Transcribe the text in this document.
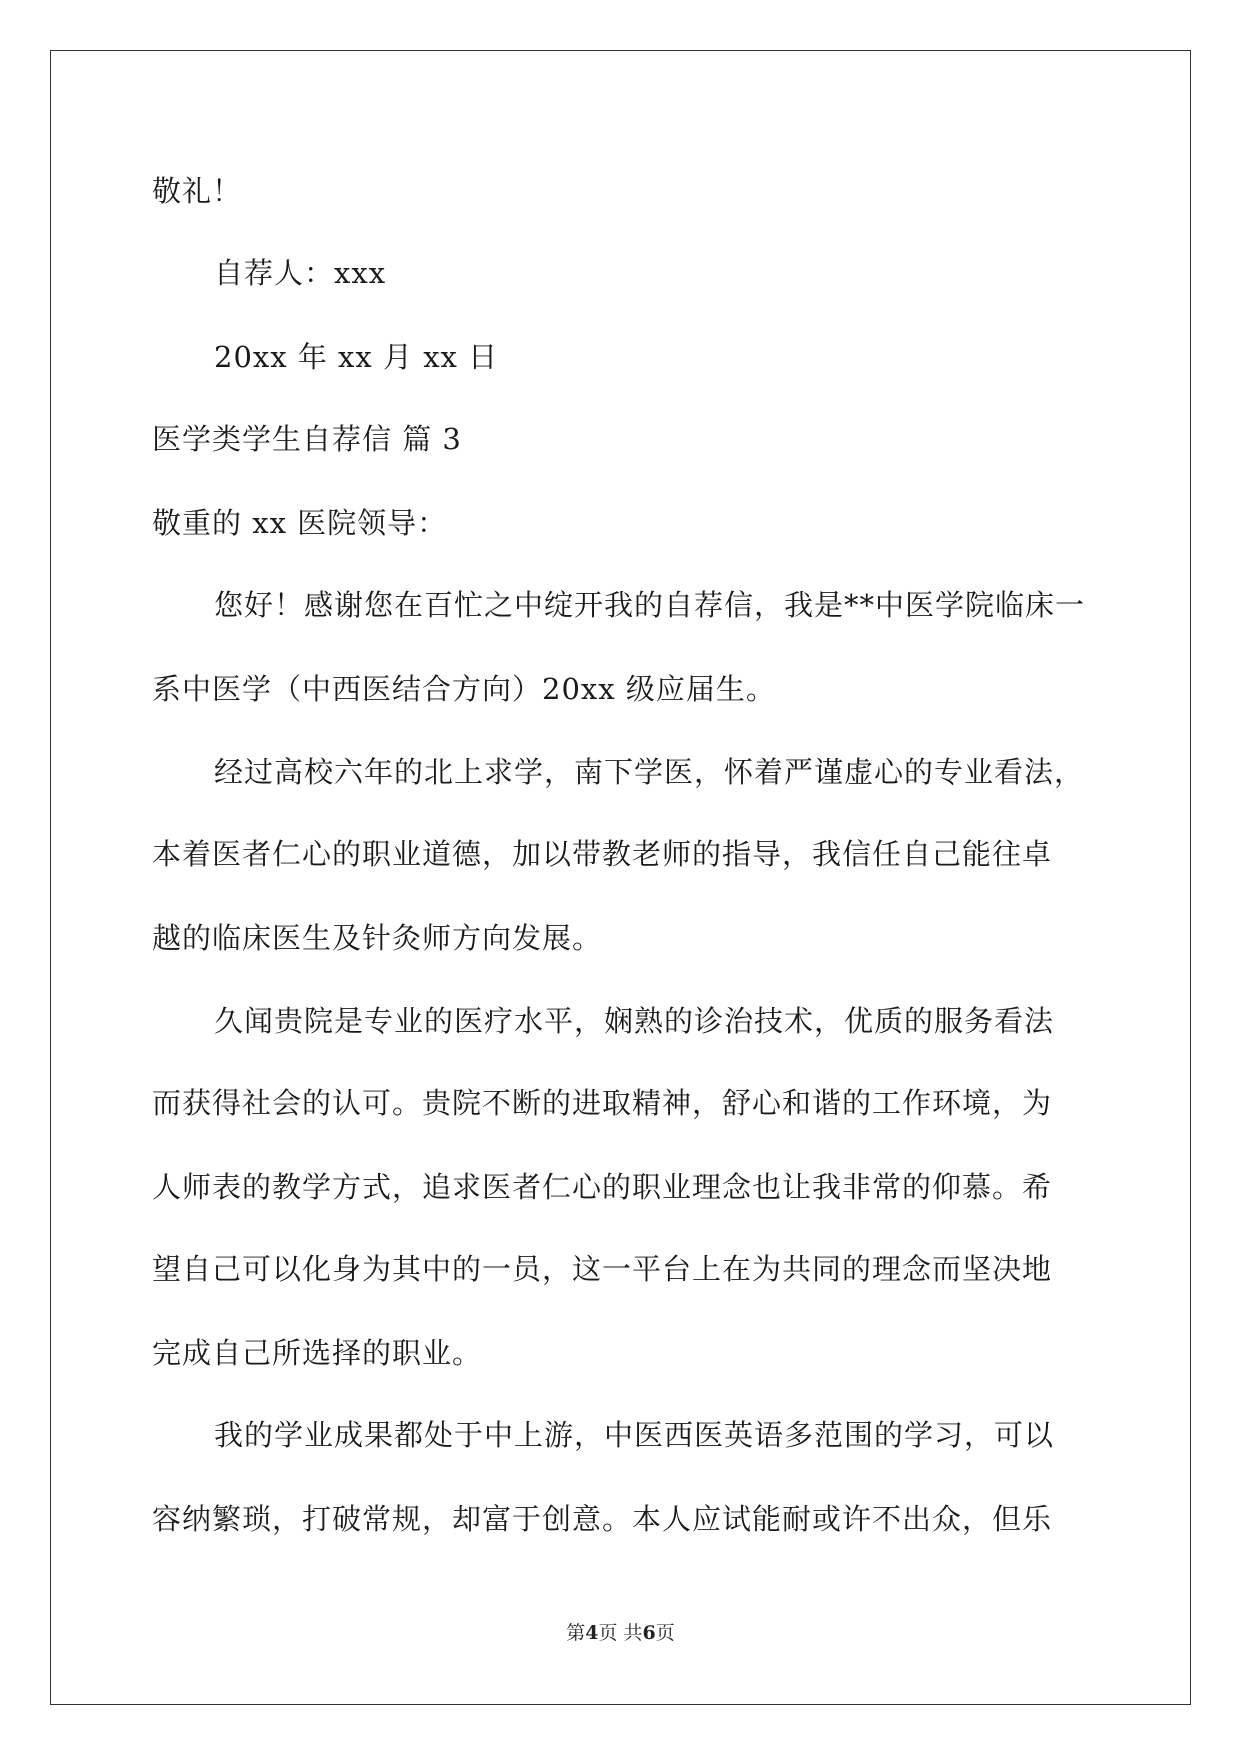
敬礼！
自荐人：xxx
20xx 年 xx 月 xx 日
医学类学生自荐信 篇 3
敬重的 xx 医院领导：
您好！感谢您在百忙之中绽开我的自荐信，我是**中医学院临床一
系中医学（中西医结合方向）20xx 级应届生。
经过高校六年的北上求学，南下学医，怀着严谨虚心的专业看法，
本着医者仁心的职业道德，加以带教老师的指导，我信任自己能往卓
越的临床医生及针灸师方向发展。
久闻贵院是专业的医疗水平，娴熟的诊治技术，优质的服务看法
而获得社会的认可。贵院不断的进取精神，舒心和谐的工作环境，为
人师表的教学方式，追求医者仁心的职业理念也让我非常的仰慕。希
望自己可以化身为其中的一员，这一平台上在为共同的理念而坚决地
完成自己所选择的职业。
我的学业成果都处于中上游，中医西医英语多范围的学习，可以
容纳繁琐，打破常规，却富于创意。本人应试能耐或许不出众，但乐
第4页 共6页
